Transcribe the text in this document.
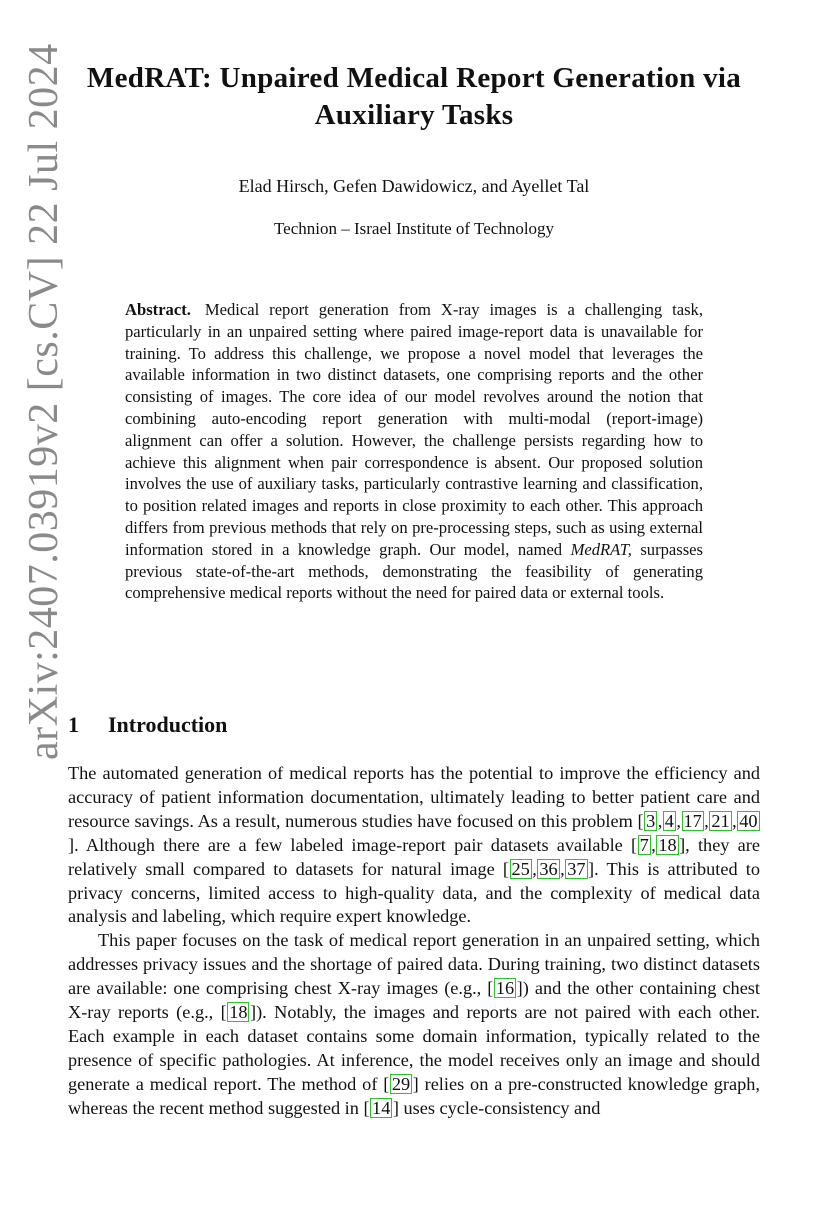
arXiv:2407.03919v2 [cs.CV] 22 Jul 2024 MedRAT: Unpaired Medical Report Generation via Auxiliary Tasks
Elad Hirsch, Gefen Dawidowicz, and Ayellet Tal
Technion – Israel Institute of Technology
Abstract. Medical report generation from X-ray images is a challenging task, particularly in an unpaired setting where paired image-report data is unavailable for training. To address this challenge, we propose a novel model that leverages the available information in two distinct datasets, one comprising reports and the other consisting of images. The core idea of our model revolves around the notion that combining auto-encoding report generation with multi-modal (report-image) alignment can offer a solution. However, the challenge persists regarding how to achieve this alignment when pair correspondence is absent. Our proposed solution involves the use of auxiliary tasks, particularly contrastive learning and classification, to position related images and reports in close proximity to each other. This approach differs from previous methods that rely on pre-processing steps, such as using external information stored in a knowledge graph. Our model, named MedRAT, surpasses previous state-of-the-art methods, demonstrating the feasibility of generating comprehensive medical reports without the need for paired data or external tools.
1 Introduction

The automated generation of medical reports has the potential to improve the efficiency and accuracy of patient information documentation, ultimately leading to better patient care and resource savings. As a result, numerous studies have focused on this problem [ 3 , 4 , 17 , 21 , 40]. Although there are a few labeled image-report pair datasets available [ 7 , 18 ], they are relatively small compared to datasets for natural image [ 25 , 36 , 37 ]. This is attributed to privacy concerns, limited access to high-quality data, and the complexity of medical data analysis and labeling, which require expert knowledge.

This paper focuses on the task of medical report generation in an unpaired setting, which addresses privacy issues and the shortage of paired data. During training, two distinct datasets are available: one comprising chest X-ray images (e.g., [ 16 ]) and the other containing chest X-ray reports (e.g., [ 18 ]). Notably, the images and reports are not paired with each other. Each example in each dataset contains some domain information, typically related to the presence of specific pathologies. At inference, the model receives only an image and should generate a medical report. The method of [ 29 ] relies on a pre-constructed knowledge graph, whereas the recent method suggested in [ 14 ] uses cycle-consistency and
